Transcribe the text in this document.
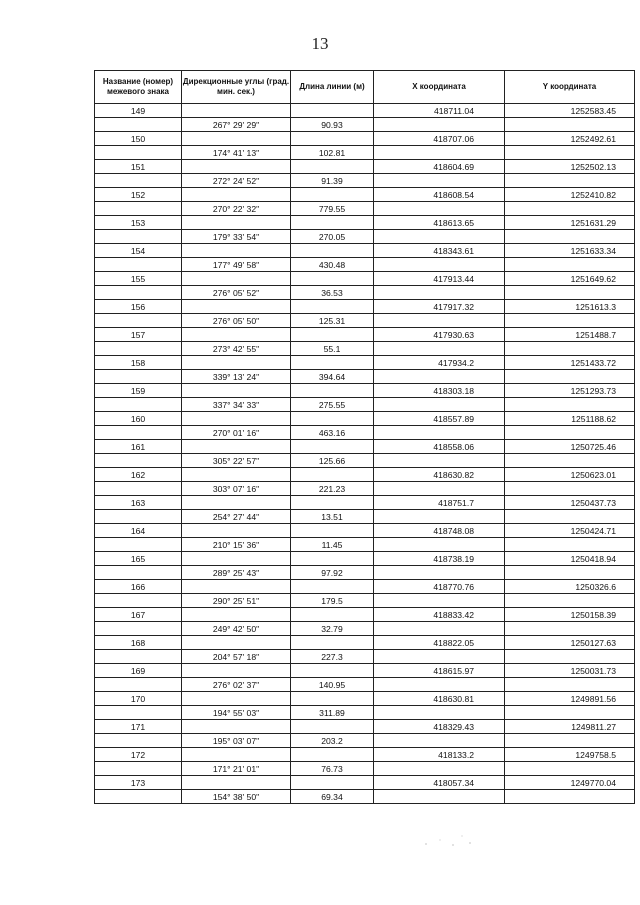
13
Название (номер) межевого знака	Дирекционные углы (град. мин. сек.)	Длина линии (м)	X координата	Y координата
149			418711.04	1252583.45
	267° 29' 29"	90.93		
150			418707.06	1252492.61
	174° 41' 13"	102.81		
151			418604.69	1252502.13
	272° 24' 52"	91.39		
152			418608.54	1252410.82
	270° 22' 32"	779.55		
153			418613.65	1251631.29
	179° 33' 54"	270.05		
154			418343.61	1251633.34
	177° 49' 58"	430.48		
155			417913.44	1251649.62
	276° 05' 52"	36.53		
156			417917.32	1251613.3
	276° 05' 50"	125.31		
157			417930.63	1251488.7
	273° 42' 55"	55.1		
158			417934.2	1251433.72
	339° 13' 24"	394.64		
159			418303.18	1251293.73
	337° 34' 33"	275.55		
160			418557.89	1251188.62
	270° 01' 16"	463.16		
161			418558.06	1250725.46
	305° 22' 57"	125.66		
162			418630.82	1250623.01
	303° 07' 16"	221.23		
163			418751.7	1250437.73
	254° 27' 44"	13.51		
164			418748.08	1250424.71
	210° 15' 36"	11.45		
165			418738.19	1250418.94
	289° 25' 43"	97.92		
166			418770.76	1250326.6
	290° 25' 51"	179.5		
167			418833.42	1250158.39
	249° 42' 50"	32.79		
168			418822.05	1250127.63
	204° 57' 18"	227.3		
169			418615.97	1250031.73
	276° 02' 37"	140.95		
170			418630.81	1249891.56
	194° 55' 03"	311.89		
171			418329.43	1249811.27
	195° 03' 07"	203.2		
172			418133.2	1249758.5
	171° 21' 01"	76.73		
173			418057.34	1249770.04
	154° 38' 50"	69.34		
